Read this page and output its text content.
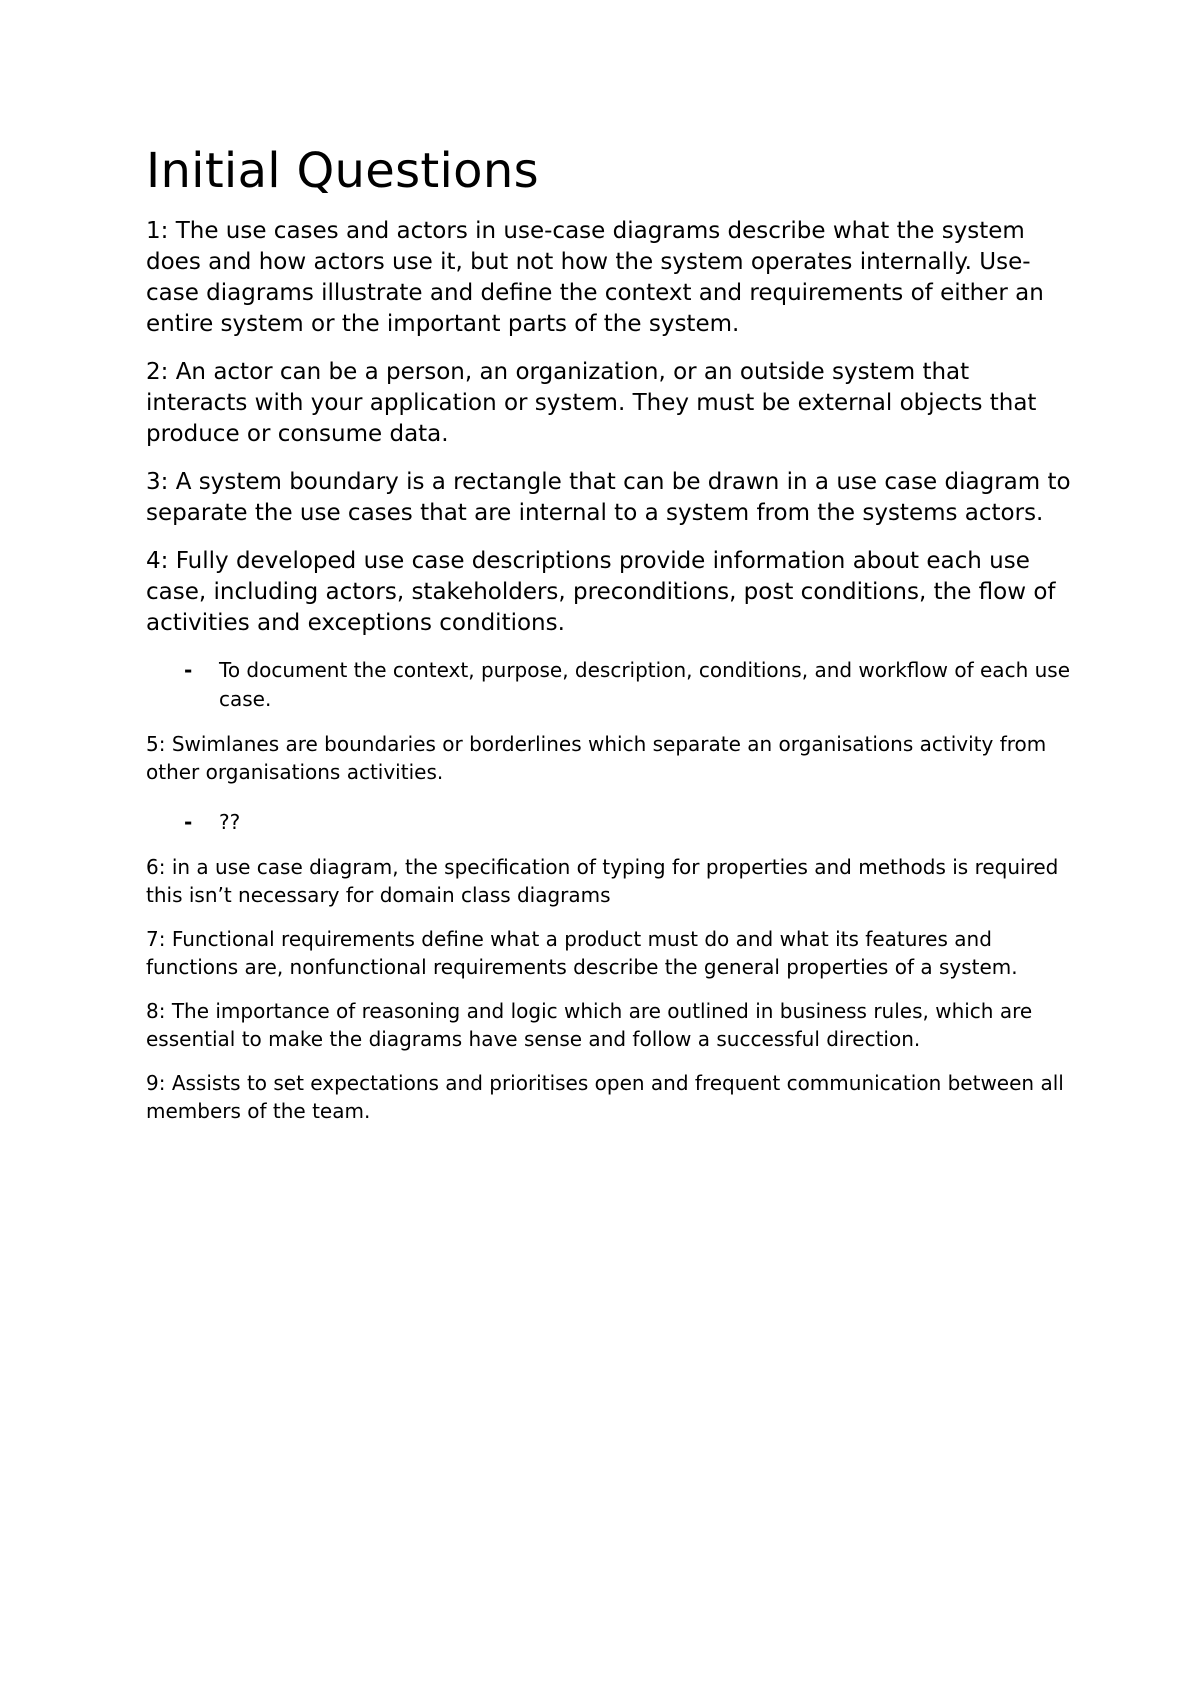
Initial Questions

1: The use cases and actors in use-case diagrams describe what the system does and how actors use it, but not how the system operates internally. Use-case diagrams illustrate and define the context and requirements of either an entire system or the important parts of the system.

2: An actor can be a person, an organization, or an outside system that interacts with your application or system. They must be external objects that produce or consume data.

3: A system boundary is a rectangle that can be drawn in a use case diagram to separate the use cases that are internal to a system from the systems actors.

4: Fully developed use case descriptions provide information about each use case, including actors, stakeholders, preconditions, post conditions, the flow of activities and exceptions conditions.

- To document the context, purpose, description, conditions, and workflow of each use case.

5: Swimlanes are boundaries or borderlines which separate an organisations activity from other organisations activities.

- ??

6: in a use case diagram, the specification of typing for properties and methods is required this isn’t necessary for domain class diagrams

7: Functional requirements define what a product must do and what its features and functions are, nonfunctional requirements describe the general properties of a system.

8: The importance of reasoning and logic which are outlined in business rules, which are essential to make the diagrams have sense and follow a successful direction.

9: Assists to set expectations and prioritises open and frequent communication between all members of the team.
